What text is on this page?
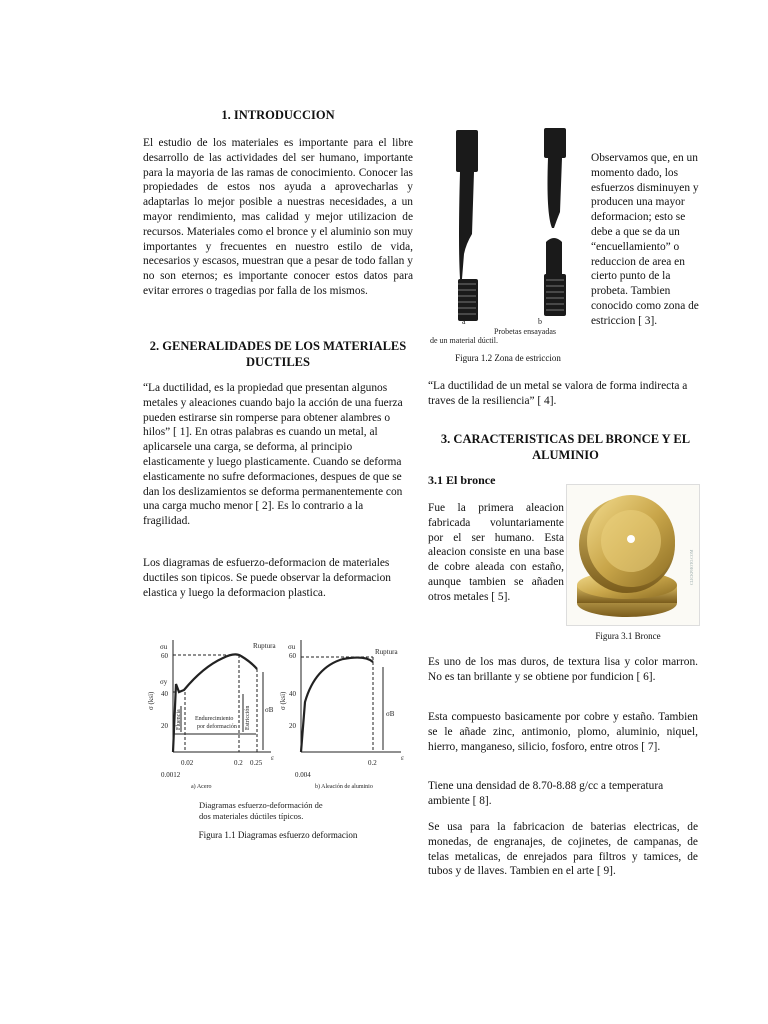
1. INTRODUCCION

El estudio de los materiales es importante para el libre desarrollo de las actividades del ser humano, importante para la mayoria de las ramas de conocimiento. Conocer las propiedades de estos nos ayuda a aprovecharlas y adaptarlas lo mejor posible a nuestras necesidades, a un mayor rendimiento, mas calidad y mejor utilizacion de recursos. Materiales como el bronce y el aluminio son muy importantes y frecuentes en nuestro estilo de vida, necesarios y escasos, muestran que a pesar de todo fallan y no son eternos; es importante conocer estos datos para evitar errores o tragedias por falla de los mismos.

2. GENERALIDADES DE LOS MATERIALES DUCTILES

“La ductilidad, es la propiedad que presentan algunos metales y aleaciones cuando bajo la acción de una fuerza pueden estirarse sin romperse para obtener alambres o hilos” [ 1]. En otras palabras es cuando un metal, al aplicarsele una carga, se deforma, al principio elasticamente y luego plasticamente. Cuando se deforma elasticamente no sufre deformaciones, despues de que se dan los deslizamientos se deforma permanentemente con una carga mucho menor [ 2]. Es lo contrario a la fragilidad.

Los diagramas de esfuerzo-deformacion de materiales ductiles son tipicos. Se puede observar la deformacion elastica y luego la deformacion plastica.

Ruptura
60
40
20
σu
σy
σB
0.02	0.2 0.25
0.0012
ε
σ (ksi)
Endurecimiento
por deformación
Fluencia	Estricción
a) Acero
Ruptura
60
40
20
σu
σB
0.2
0.004
ε
σ (ksi)
b) Aleación de aluminio
Diagramas esfuerzo-deformación de
dos materiales dúctiles típicos.
Figura 1.1 Diagramas esfuerzo deformacion
a	b
Probetas ensayadas
de un material dúctil.
Figura 1.2 Zona de estriccion

Observamos que, en un momento dado, los esfuerzos disminuyen y producen una mayor deformacion; esto se debe a que se da un “encuellamiento” o reduccion de area en cierto punto de la probeta. Tambien conocido como zona de estriccion [ 3].

“La ductilidad de un metal se valora de forma indirecta a traves de la resiliencia” [ 4].

3. CARACTERISTICAS DEL BRONCE Y EL ALUMINIO
3.1 El bronce

Fue la primera aleacion fabricada voluntariamente por el ser humano. Esta aleacion consiste en una base de cobre aleada con estaño, aunque tambien se añaden otros metales [ 5].

CLICKPHOTO.COM
Figura 3.1 Bronce

Es uno de los mas duros, de textura lisa y color marron. No es tan brillante y se obtiene por fundicion [ 6].

Esta compuesto basicamente por cobre y estaño. Tambien se le añade zinc, antimonio, plomo, aluminio, niquel, hierro, manganeso, silicio, fosforo, entre otros [ 7].

Tiene una densidad de 8.70-8.88 g/cc a temperatura ambiente [ 8].

Se usa para la fabricacion de baterias electricas, de monedas, de engranajes, de cojinetes, de campanas, de telas metalicas, de enrejados para filtros y tamices, de tubos y de llaves. Tambien en el arte [ 9].
